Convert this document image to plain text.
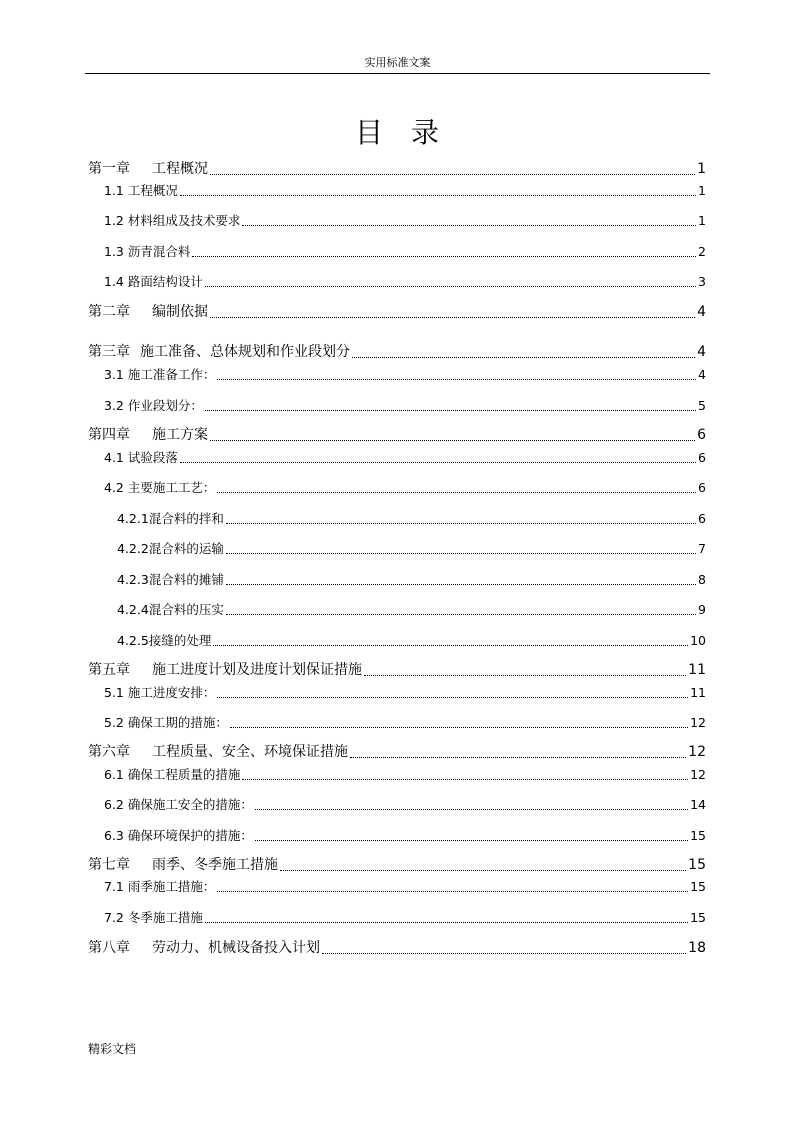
实用标准文案
目录
第一章 工程概况	1
1.1 工程概况	1
1.2 材料组成及技术要求	1
1.3 沥青混合料	2
1.4 路面结构设计	3
第二章 编制依据	4
第三章 施工准备、总体规划和作业段划分	4
3.1 施工准备工作：	4
3.2 作业段划分：	5
第四章 施工方案	6
4.1 试验段落	6
4.2 主要施工工艺：	6
4.2.1混合料的拌和	6
4.2.2混合料的运输	7
4.2.3混合料的摊铺	8
4.2.4混合料的压实	9
4.2.5接缝的处理	10
第五章 施工进度计划及进度计划保证措施	11
5.1 施工进度安排：	11
5.2 确保工期的措施：	12
第六章 工程质量、安全、环境保证措施	12
6.1 确保工程质量的措施	12
6.2 确保施工安全的措施：	14
6.3 确保环境保护的措施：	15
第七章 雨季、冬季施工措施	15
7.1 雨季施工措施：	15
7.2 冬季施工措施	15
第八章 劳动力、机械设备投入计划	18
精彩文档
